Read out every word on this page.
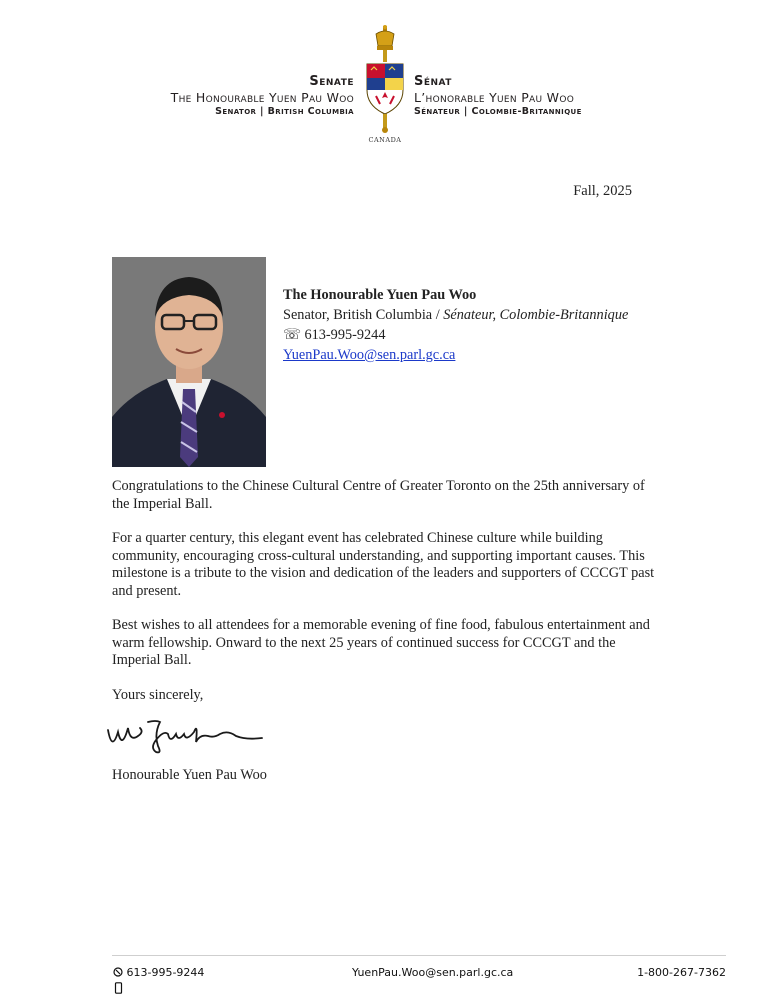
Senate
The Honourable Yuen Pau Woo
Senator | British Columbia
CANADA
Sénat
L’honorable Yuen Pau Woo
Sénateur | Colombie-Britannique
Fall, 2025
The Honourable Yuen Pau Woo
Senator, British Columbia / Sénateur, Colombie-Britannique
☏ 613-995-9244
YuenPau.Woo@sen.parl.gc.ca

Congratulations to the Chinese Cultural Centre of Greater Toronto on the 25th anniversary of the Imperial Ball.

For a quarter century, this elegant event has celebrated Chinese culture while building community, encouraging cross-cultural understanding, and supporting important causes. This milestone is a tribute to the vision and dedication of the leaders and supporters of CCCGT past and present.

Best wishes to all attendees for a memorable evening of fine food, fabulous entertainment and warm fellowship. Onward to the next 25 years of continued success for CCCGT and the Imperial Ball.

Yours sincerely,

Honourable Yuen Pau Woo
613-995-9244	YuenPau.Woo@sen.parl.gc.ca	1-800-267-7362
